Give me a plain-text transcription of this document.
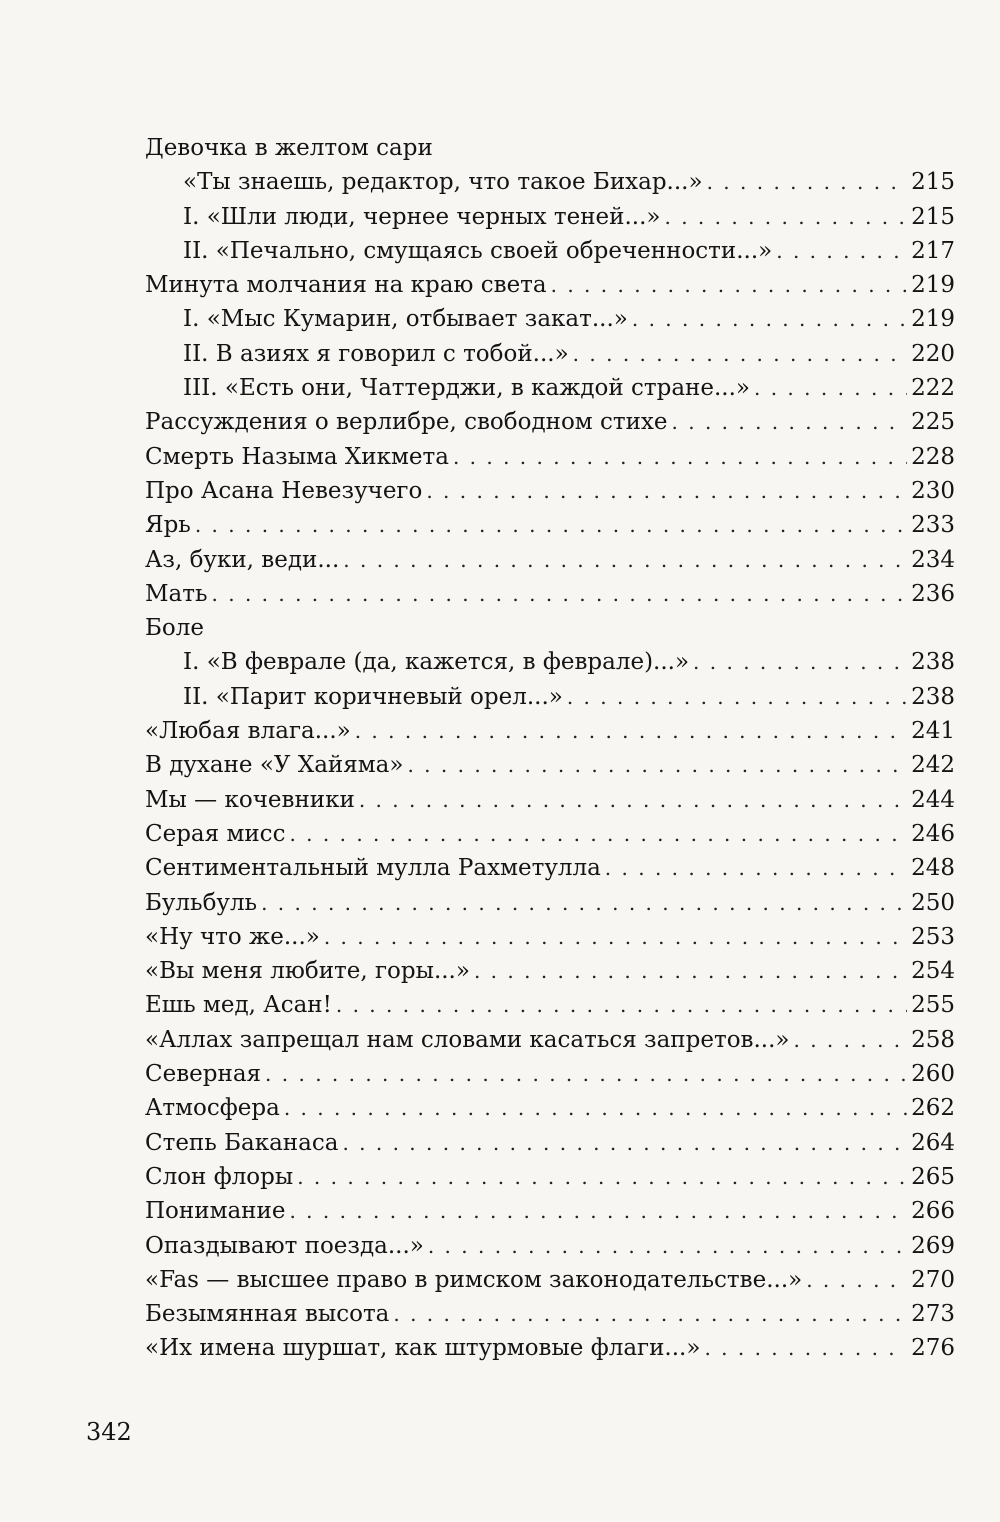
Девочка в желтом сари
«Ты знаешь, редактор, что такое Бихар...» . . .	215
I. «Шли люди, чернее черных теней...» . . .	215
II. «Печально, смущаясь своей обреченности...» . . .	217
Минута молчания на краю света . . .	219
I. «Мыс Кумарин, отбывает закат...» . . .	219
II. В азиях я говорил с тобой...» . . .	220
III. «Есть они, Чаттерджи, в каждой стране...» . . .	222
Рассуждения о верлибре, свободном стихе . . .	225
Смерть Назыма Хикмета . . .	228
Про Асана Невезучего . . .	230
Ярь . . .	233
Аз, буки, веди... . . .	234
Мать . . .	236
Боле
I. «В феврале (да, кажется, в феврале)...» . . .	238
II. «Парит коричневый орел...» . . .	238
«Любая влага...» . . .	241
В духане «У Хайяма» . . .	242
Мы — кочевники . . .	244
Серая мисс . . .	246
Сентиментальный мулла Рахметулла . . .	248
Бульбуль . . .	250
«Ну что же...» . . .	253
«Вы меня любите, горы...» . . .	254
Ешь мед, Асан! . . .	255
«Аллах запрещал нам словами касаться запретов...» . . .	258
Северная . . .	260
Атмосфера . . .	262
Степь Баканаса . . .	264
Слон флоры . . .	265
Понимание . . .	266
Опаздывают поезда...» . . .	269
«Fas — высшее право в римском законодательстве...» . . .	270
Безымянная высота . . .	273
«Их имена шуршат, как штурмовые флаги...» . . .	276
342
